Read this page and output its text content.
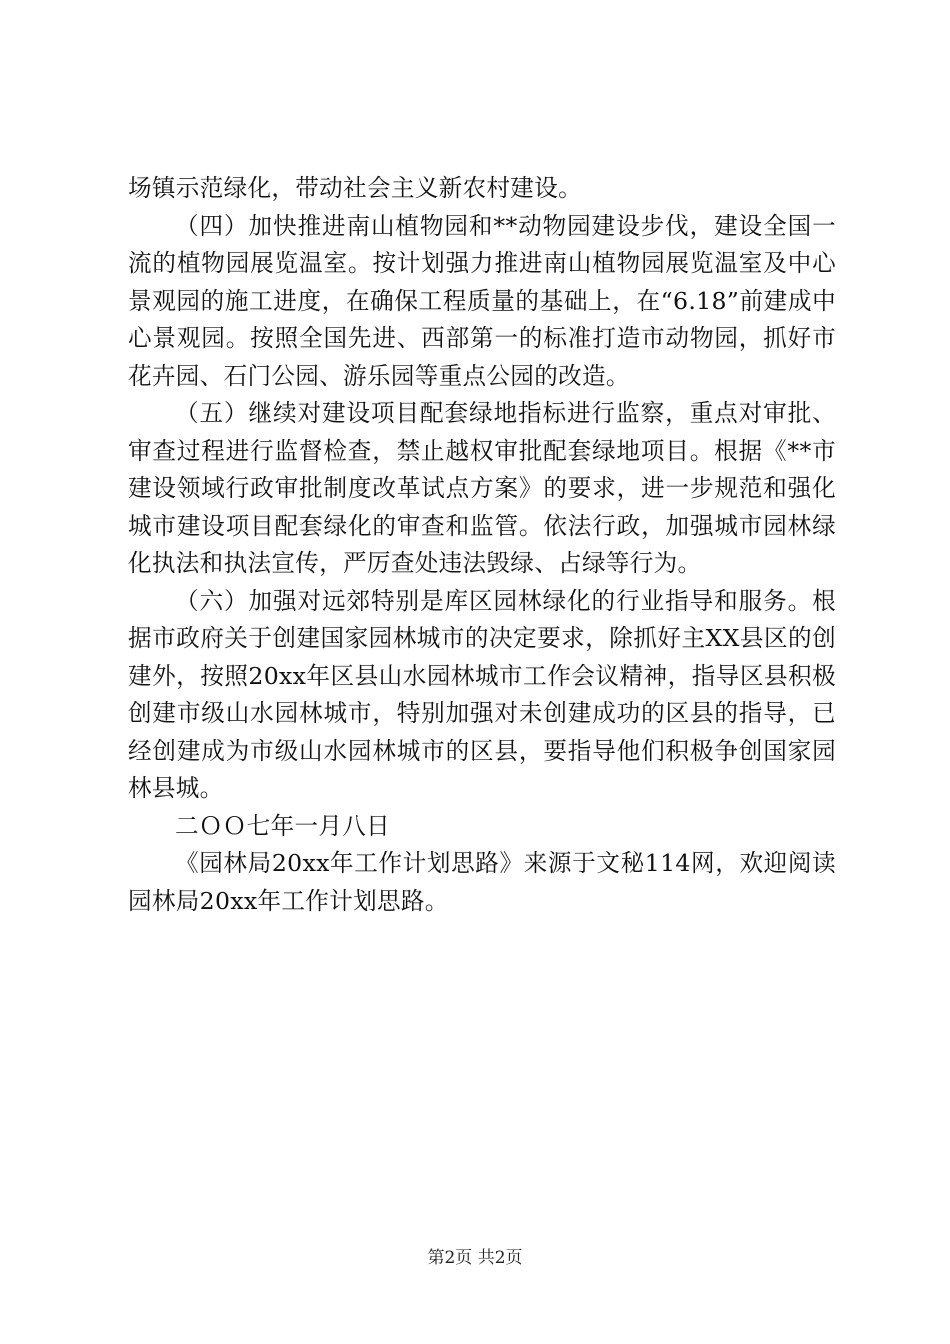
场镇示范绿化，带动社会主义新农村建设。

（四）加快推进南山植物园和**动物园建设步伐，建设全国一流的植物园展览温室。按计划强力推进南山植物园展览温室及中心景观园的施工进度，在确保工程质量的基础上，在“6.18”前建成中心景观园。按照全国先进、西部第一的标准打造市动物园，抓好市花卉园、石门公园、游乐园等重点公园的改造。

（五）继续对建设项目配套绿地指标进行监察，重点对审批、审查过程进行监督检查，禁止越权审批配套绿地项目。根据《**市建设领域行政审批制度改革试点方案》的要求，进一步规范和强化城市建设项目配套绿化的审查和监管。依法行政，加强城市园林绿化执法和执法宣传，严厉查处违法毁绿、占绿等行为。

（六）加强对远郊特别是库区园林绿化的行业指导和服务。根据市政府关于创建国家园林城市的决定要求，除抓好主XX县区的创建外，按照20xx年区县山水园林城市工作会议精神，指导区县积极创建市级山水园林城市，特别加强对未创建成功的区县的指导，已经创建成为市级山水园林城市的区县，要指导他们积极争创国家园林县城。

二ＯＯ七年一月八日

《园林局20xx年工作计划思路》来源于文秘114网，欢迎阅读园林局20xx年工作计划思路。

第2页 共2页
